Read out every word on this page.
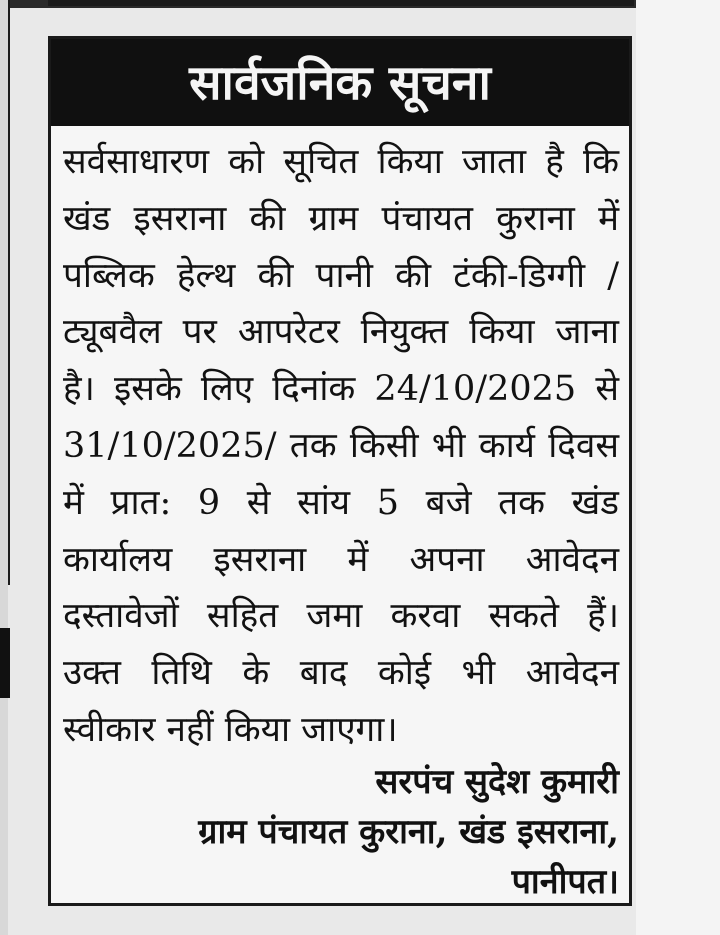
सार्वजनिक सूचना
सर्वसाधारण को सूचित किया जाता है कि
खंड इसराना की ग्राम पंचायत कुराना में
पब्लिक हेल्थ की पानी की टंकी-डिग्गी /
ट्यूबवैल पर आपरेटर नियुक्त किया जाना
है। इसके लिए दिनांक 24/10/2025 से
31/10/2025/ तक किसी भी कार्य दिवस
में प्रात: 9 से सांय 5 बजे तक खंड
कार्यालय इसराना में अपना आवेदन
दस्तावेजों सहित जमा करवा सकते हैं।
उक्त तिथि के बाद कोई भी आवेदन
स्वीकार नहीं किया जाएगा।
सरपंच सुदेश कुमारी
ग्राम पंचायत कुराना, खंड इसराना,
पानीपत।
